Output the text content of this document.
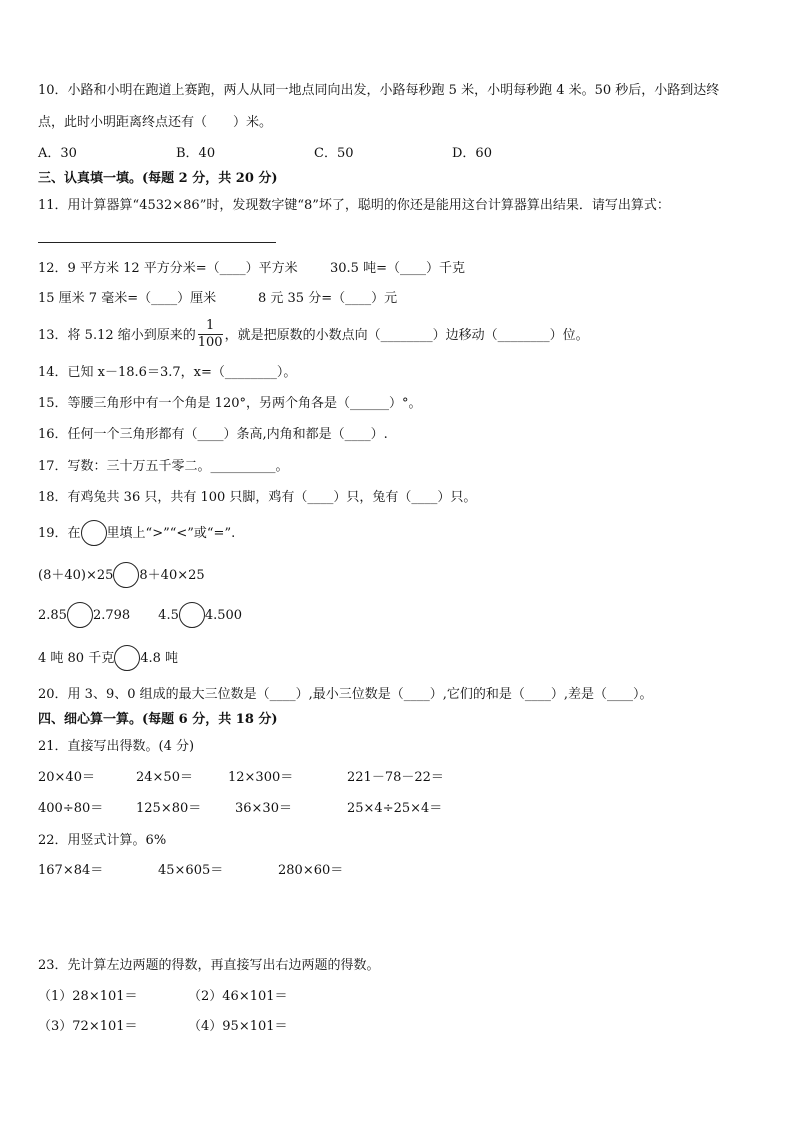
10．小路和小明在跑道上赛跑，两人从同一地点同向出发，小路每秒跑 5 米，小明每秒跑 4 米。50 秒后，小路到达终
点，此时小明距离终点还有（　　）米。
A．30	B．40	C．50	D．60
三、认真填一填。(每题 2 分，共 20 分)
11．用计算器算“4532×86”时，发现数字键“8”坏了，聪明的你还是能用这台计算器算出结果．请写出算式：
12．9 平方米 12 平方分米=（____）平方米 30.5 吨=（____）千克
15 厘米 7 毫米=（____）厘米	8 元 35 分=（____）元
13．将 5.12 缩小到原来的 $\frac{1}{100}$ ，就是把原数的小数点向（________）边移动（________）位。
14．已知 x－18.6＝3.7，x=（________）。
15．等腰三角形中有一个角是 120°，另两个角各是（______）°。
16．任何一个三角形都有（____）条高,内角和都是（____）.
17．写数：三十万五千零二。__________。
18．有鸡兔共 36 只，共有 100 只脚，鸡有（____）只，兔有（____）只。
19．在 里填上“>”“<”或“=”.
(8＋40)×25 8＋40×25
2.85 2.798 4.5 4.500
4 吨 80 千克 4.8 吨
20．用 3、9、0 组成的最大三位数是（____）,最小三位数是（____）,它们的和是（____）,差是（____）。
四、细心算一算。(每题 6 分，共 18 分)
21．直接写出得数。(4 分)
20×40＝	24×50＝	12×300＝	221－78－22＝
400÷80＝	125×80＝	36×30＝	25×4÷25×4＝
22．用竖式计算。6%
167×84＝	45×605＝	280×60＝
23．先计算左边两题的得数，再直接写出右边两题的得数。
（1）28×101＝	（2）46×101＝
（3）72×101＝	（4）95×101＝
